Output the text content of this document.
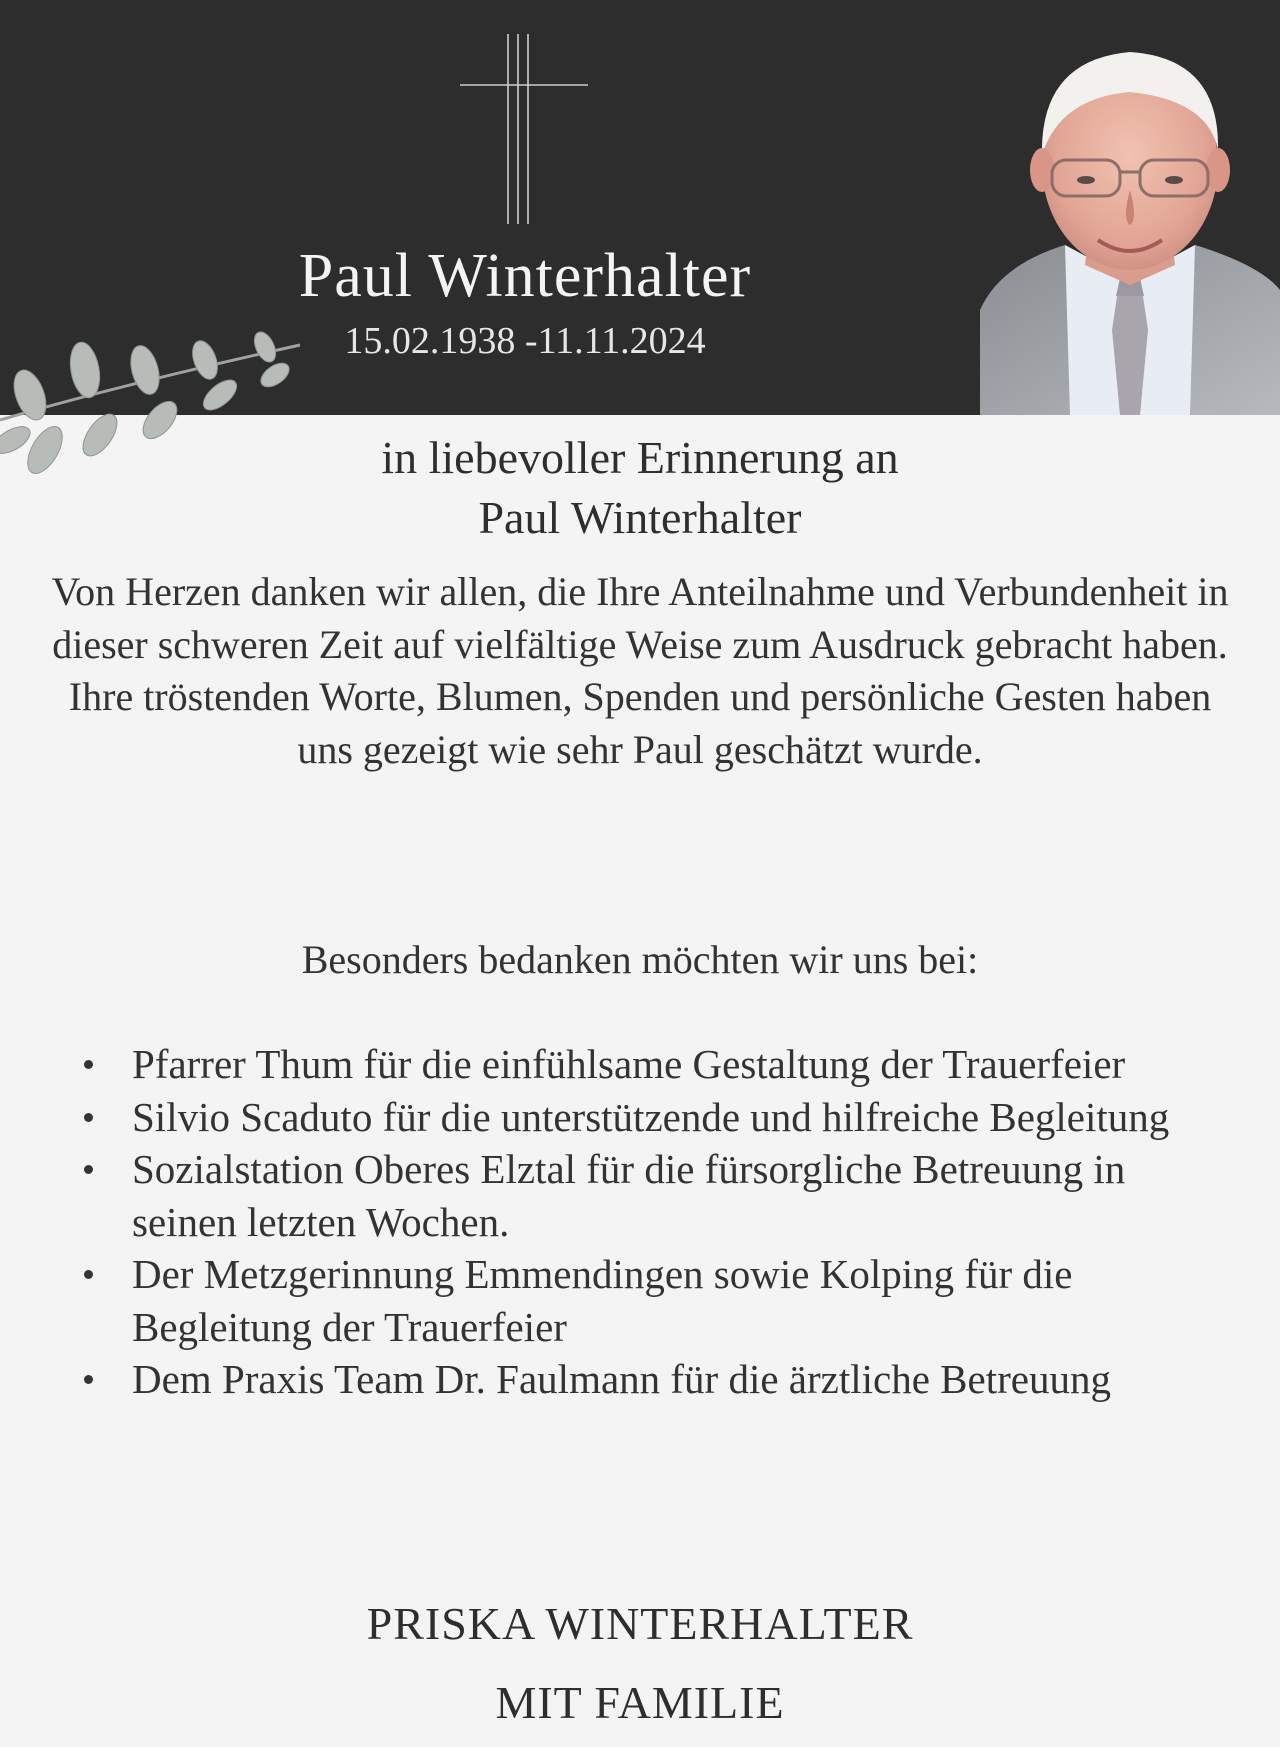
Paul Winterhalter
15.02.1938 -11.11.2024
in liebevoller Erinnerung an
Paul Winterhalter

Von Herzen danken wir allen, die Ihre Anteilnahme und Verbundenheit in dieser schweren Zeit auf vielfältige Weise zum Ausdruck gebracht haben.

Ihre tröstenden Worte, Blumen, Spenden und persönliche Gesten haben uns gezeigt wie sehr Paul geschätzt wurde.

Besonders bedanken möchten wir uns bei:
Pfarrer Thum für die einfühlsame Gestaltung der Trauerfeier
Silvio Scaduto für die unterstützende und hilfreiche Begleitung
Sozialstation Oberes Elztal für die fürsorgliche Betreuung in seinen letzten Wochen.
Der Metzgerinnung Emmendingen sowie Kolping für die Begleitung der Trauerfeier
Dem Praxis Team Dr. Faulmann für die ärztliche Betreuung
PRISKA WINTERHALTER
MIT FAMILIE
